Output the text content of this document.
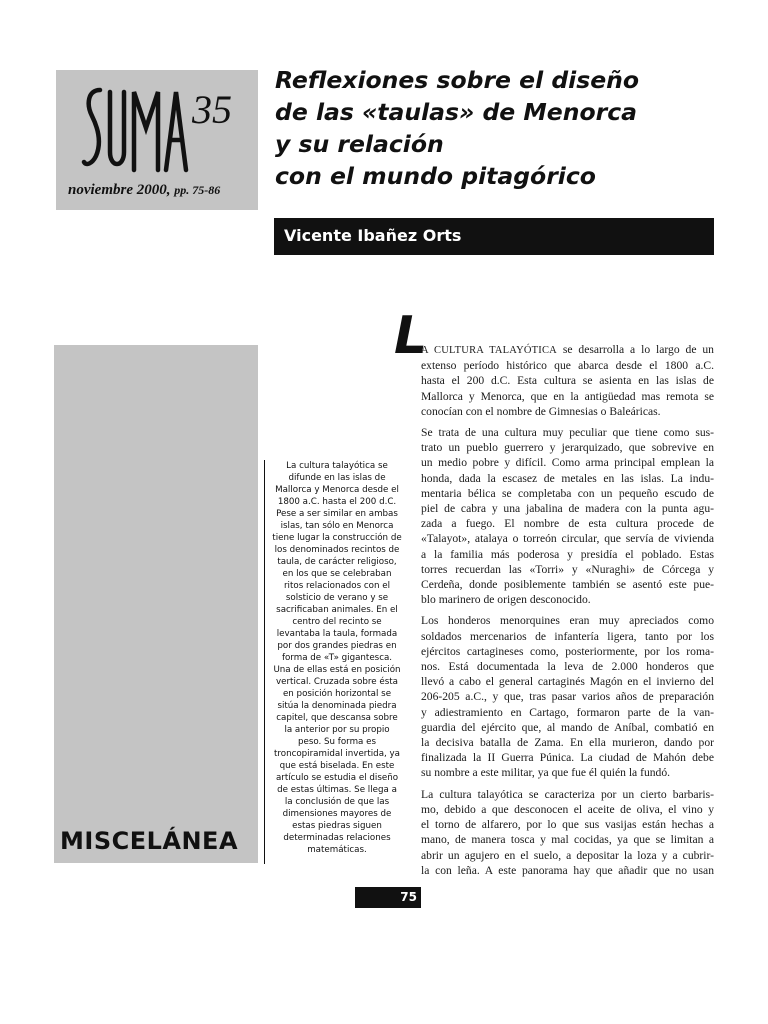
35
noviembre 2000, pp. 75-86
Reflexiones sobre el diseño
de las «taulas» de Menorca
y su relación
con el mundo pitagórico
Vicente Ibañez Orts
MISCELÁNEA
La cultura talayótica se
difunde en las islas de
Mallorca y Menorca desde el
1800 a.C. hasta el 200 d.C.
Pese a ser similar en ambas
islas, tan sólo en Menorca
tiene lugar la construcción de
los denominados recintos de
taula, de carácter religioso,
en los que se celebraban
ritos relacionados con el
solsticio de verano y se
sacrificaban animales. En el
centro del recinto se
levantaba la taula, formada
por dos grandes piedras en
forma de «T» gigantesca.
Una de ellas está en posición
vertical. Cruzada sobre ésta
en posición horizontal se
sitúa la denominada piedra
capitel, que descansa sobre
la anterior por su propio
peso. Su forma es
troncopiramidal invertida, ya
que está biselada. En este
artículo se estudia el diseño
de estas últimas. Se llega a
la conclusión de que las
dimensiones mayores de
estas piedras siguen
determinadas relaciones
matemáticas.
L
A CULTURA TALAYÓTICA se desarrolla a lo largo de un
extenso período histórico que abarca desde el 1800 a.C.
hasta el 200 d.C. Esta cultura se asienta en las islas de
Mallorca y Menorca, que en la antigüedad mas remota se
conocían con el nombre de Gimnesias o Baleáricas.
Se trata de una cultura muy peculiar que tiene como sus-
trato un pueblo guerrero y jerarquizado, que sobrevive en
un medio pobre y difícil. Como arma principal emplean la
honda, dada la escasez de metales en las islas. La indu-
mentaria bélica se completaba con un pequeño escudo de
piel de cabra y una jabalina de madera con la punta agu-
zada a fuego. El nombre de esta cultura procede de
«Talayot», atalaya o torreón circular, que servía de vivienda
a la familia más poderosa y presidía el poblado. Estas
torres recuerdan las «Torri» y «Nuraghi» de Córcega y
Cerdeña, donde posiblemente también se asentó este pue-
blo marinero de origen desconocido.
Los honderos menorquines eran muy apreciados como
soldados mercenarios de infantería ligera, tanto por los
ejércitos cartagineses como, posteriormente, por los roma-
nos. Está documentada la leva de 2.000 honderos que
llevó a cabo el general cartaginés Magón en el invierno del
206-205 a.C., y que, tras pasar varios años de preparación
y adiestramiento en Cartago, formaron parte de la van-
guardia del ejército que, al mando de Aníbal, combatió en
la decisiva batalla de Zama. En ella murieron, dando por
finalizada la II Guerra Púnica. La ciudad de Mahón debe
su nombre a este militar, ya que fue él quién la fundó.
La cultura talayótica se caracteriza por un cierto barbaris-
mo, debido a que desconocen el aceite de oliva, el vino y
el torno de alfarero, por lo que sus vasijas están hechas a
mano, de manera tosca y mal cocidas, ya que se limitan a
abrir un agujero en el suelo, a depositar la loza y a cubrir-
la con leña. A este panorama hay que añadir que no usan
75
